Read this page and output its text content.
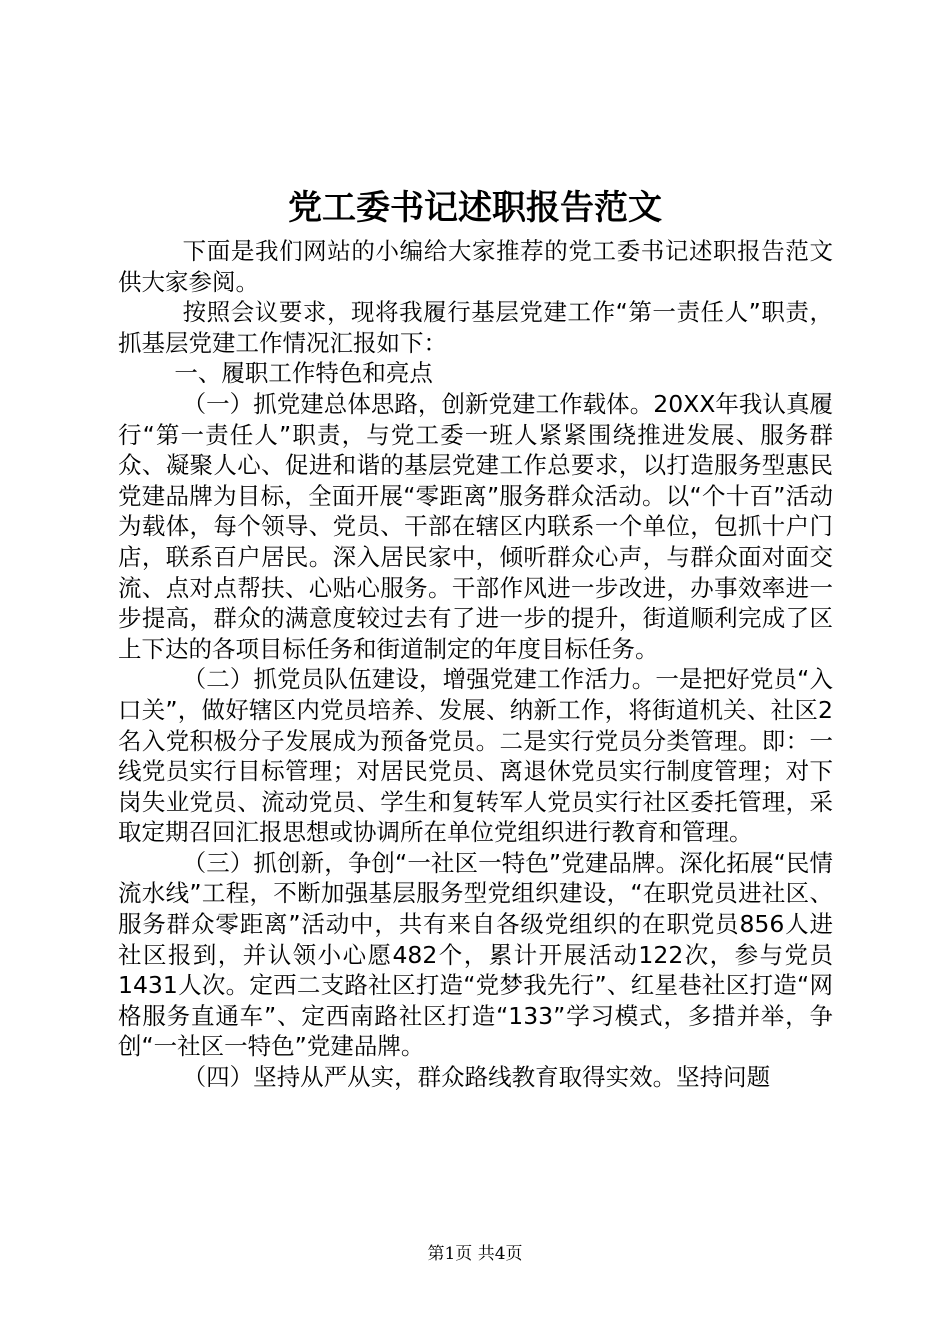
党工委书记述职报告范文

下面是我们网站的小编给大家推荐的党工委书记述职报告范文供大家参阅。

按照会议要求，现将我履行基层党建工作“第一责任人”职责，抓基层党建工作情况汇报如下：

一、履职工作特色和亮点

（一）抓党建总体思路，创新党建工作载体。20XX年我认真履行“第一责任人”职责，与党工委一班人紧紧围绕推进发展、服务群众、凝聚人心、促进和谐的基层党建工作总要求，以打造服务型惠民党建品牌为目标，全面开展“零距离”服务群众活动。以“个十百”活动为载体，每个领导、党员、干部在辖区内联系一个单位，包抓十户门店，联系百户居民。深入居民家中，倾听群众心声，与群众面对面交流、点对点帮扶、心贴心服务。干部作风进一步改进，办事效率进一步提高，群众的满意度较过去有了进一步的提升，街道顺利完成了区上下达的各项目标任务和街道制定的年度目标任务。

（二）抓党员队伍建设，增强党建工作活力。一是把好党员“入口关”，做好辖区内党员培养、发展、纳新工作，将街道机关、社区2名入党积极分子发展成为预备党员。二是实行党员分类管理。即：一线党员实行目标管理；对居民党员、离退休党员实行制度管理；对下岗失业党员、流动党员、学生和复转军人党员实行社区委托管理，采取定期召回汇报思想或协调所在单位党组织进行教育和管理。

（三）抓创新，争创“一社区一特色”党建品牌。深化拓展“民情流水线”工程，不断加强基层服务型党组织建设，“在职党员进社区、服务群众零距离”活动中，共有来自各级党组织的在职党员856人进社区报到，并认领小心愿482个，累计开展活动122次，参与党员1431人次。定西二支路社区打造“党梦我先行”、红星巷社区打造“网格服务直通车”、定西南路社区打造“133”学习模式，多措并举，争创“一社区一特色”党建品牌。

（四）坚持从严从实，群众路线教育取得实效。坚持问题

第1页 共4页
